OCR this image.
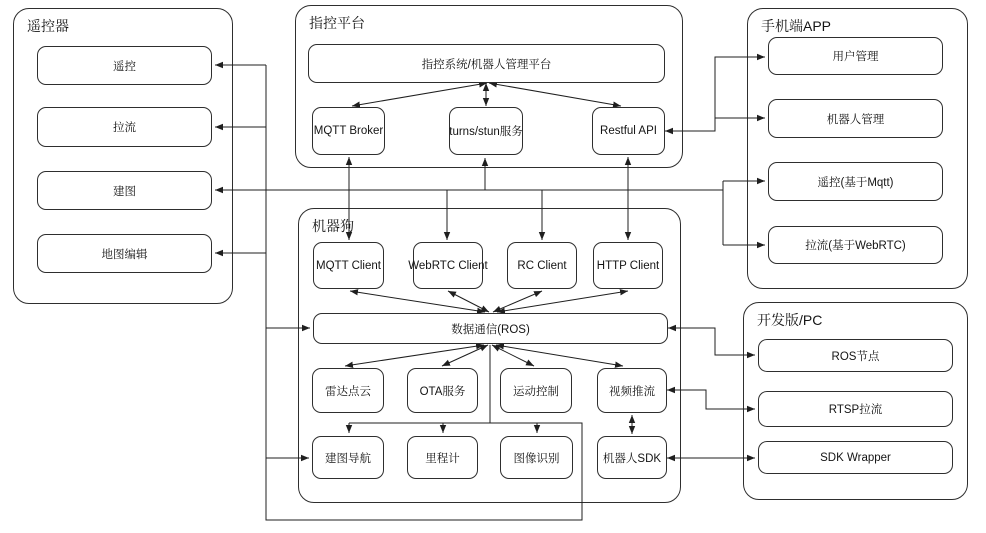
遥控器	指控平台	手机端APP
机器狗
开发版/PC
遥控
拉流
建图
地图编辑
指控系统/机器人管理平台
MQTT Broker	turns/stun服务	Restful API
用户管理
机器人管理
遥控(基于Mqtt)
拉流(基于WebRTC)
MQTT Client WebRTC Client	RC Client	HTTP Client
数据通信(ROS)
雷达点云	OTA服务	运动控制	视频推流
建图导航	里程计	图像识别	机器人SDK
ROS节点
RTSP拉流
SDK Wrapper
